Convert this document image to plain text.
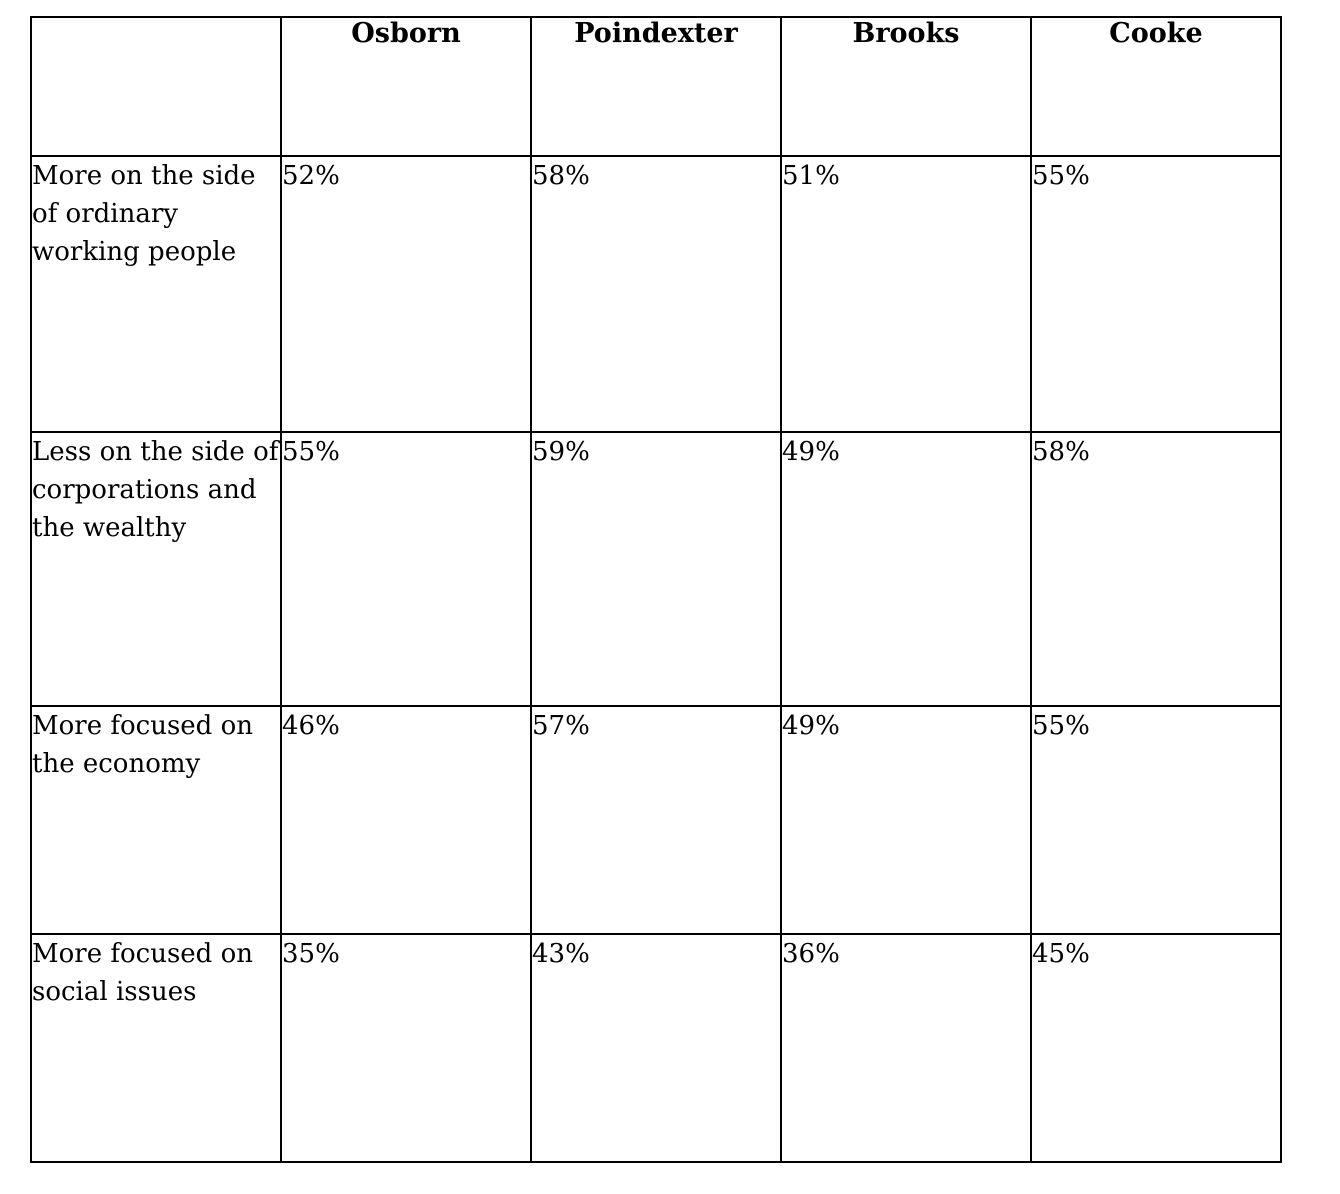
	Osborn	Poindexter	Brooks	Cooke
More on the side of ordinary working people	52%	58%	51%	55%
Less on the side of corporations and the wealthy	55%	59%	49%	58%
More focused on the economy	46%	57%	49%	55%
More focused on social issues	35%	43%	36%	45%
